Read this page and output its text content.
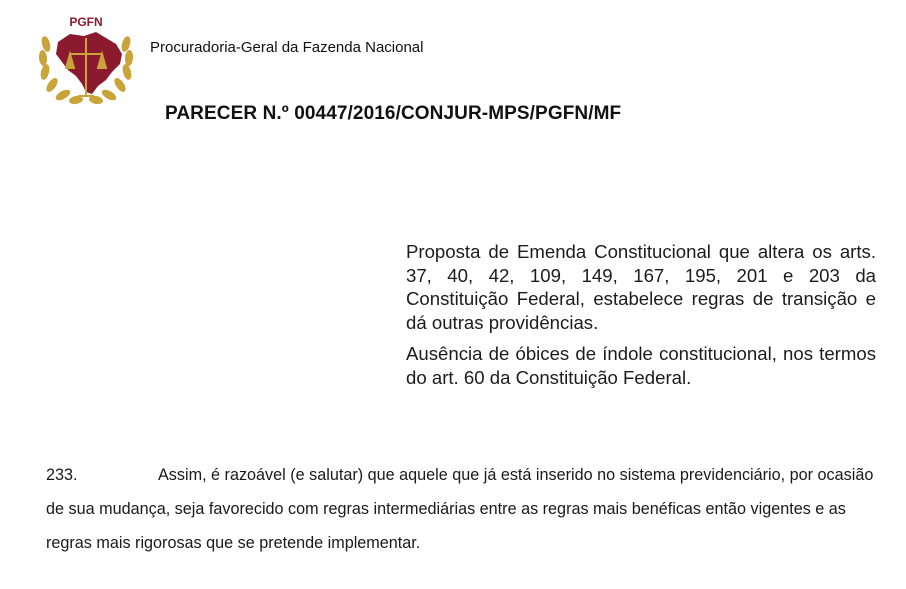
PGFN
Procuradoria-Geral da Fazenda Nacional
PARECER N.º 00447/2016/CONJUR-MPS/PGFN/MF

Proposta de Emenda Constitucional que altera os arts. 37, 40, 42, 109, 149, 167, 195, 201 e 203 da Constituição Federal, estabelece regras de transição e dá outras providências.

Ausência de óbices de índole constitucional, nos termos do art. 60 da Constituição Federal.

233.	Assim, é razoável (e salutar) que aquele que já está inserido no sistema previdenciário, por ocasião de sua mudança, seja favorecido com regras intermediárias entre as regras mais benéficas então vigentes e as regras mais rigorosas que se pretende implementar.
